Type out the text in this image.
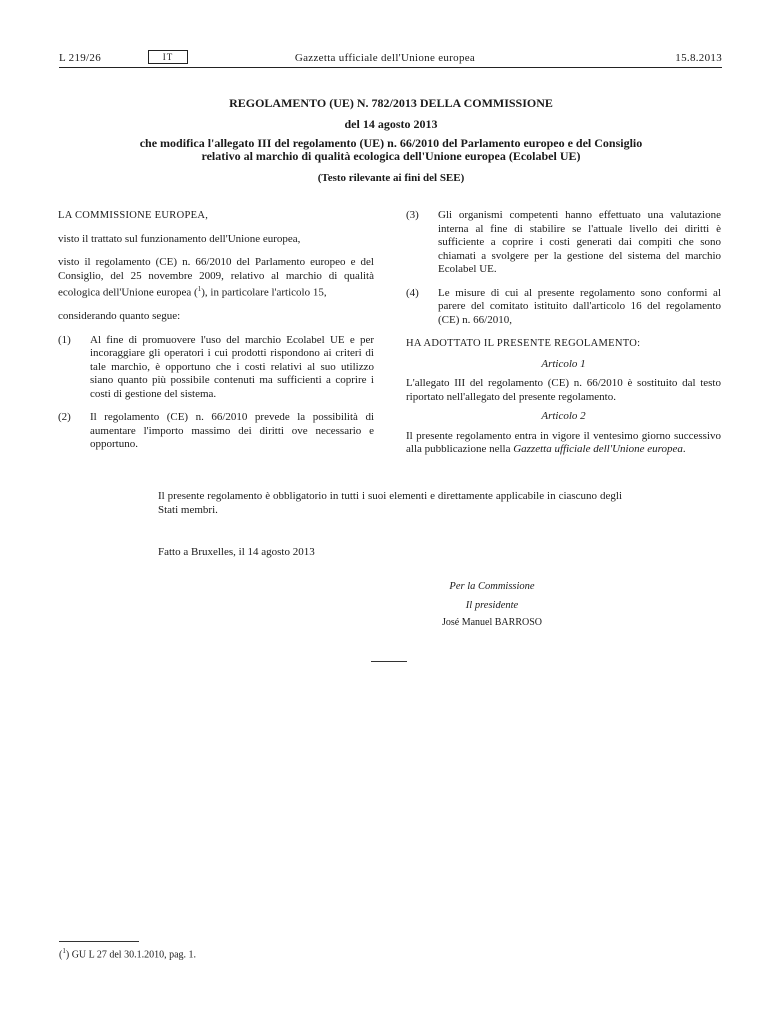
L 219/26	IT	Gazzetta ufficiale dell'Unione europea	15.8.2013
REGOLAMENTO (UE) N. 782/2013 DELLA COMMISSIONE
del 14 agosto 2013
che modifica l'allegato III del regolamento (UE) n. 66/2010 del Parlamento europeo e del Consiglio
relativo al marchio di qualità ecologica dell'Unione europea (Ecolabel UE)
(Testo rilevante ai fini del SEE)

LA COMMISSIONE EUROPEA,

visto il trattato sul funzionamento dell'Unione europea,

visto il regolamento (CE) n. 66/2010 del Parlamento europeo e del Consiglio, del 25 novembre 2009, relativo al marchio di qualità ecologica dell'Unione europea ($^1$), in particolare l'articolo 15,

considerando quanto segue:

(1)	Al fine di promuovere l'uso del marchio Ecolabel UE e per incoraggiare gli operatori i cui prodotti rispondono ai criteri di tale marchio, è opportuno che i costi relativi al suo utilizzo siano quanto più possibile contenuti ma sufficienti a coprire i costi di gestione del sistema.
(2)	Il regolamento (CE) n. 66/2010 prevede la possibilità di aumentare l'importo massimo dei diritti ove necessario e opportuno.
(3)	Gli organismi competenti hanno effettuato una valutazione interna al fine di stabilire se l'attuale livello dei diritti è sufficiente a coprire i costi generati dai compiti che sono chiamati a svolgere per la gestione del sistema del marchio Ecolabel UE.
(4)	Le misure di cui al presente regolamento sono conformi al parere del comitato istituito dall'articolo 16 del regolamento (CE) n. 66/2010,

HA ADOTTATO IL PRESENTE REGOLAMENTO:

Articolo 1

L'allegato III del regolamento (CE) n. 66/2010 è sostituito dal testo riportato nell'allegato del presente regolamento.

Articolo 2

Il presente regolamento entra in vigore il ventesimo giorno successivo alla pubblicazione nella Gazzetta ufficiale dell'Unione europea.

Il presente regolamento è obbligatorio in tutti i suoi elementi e direttamente applicabile in ciascuno degli Stati membri.
Fatto a Bruxelles, il 14 agosto 2013
Per la Commissione
Il presidente
José Manuel BARROSO
($^1$) GU L 27 del 30.1.2010, pag. 1.
